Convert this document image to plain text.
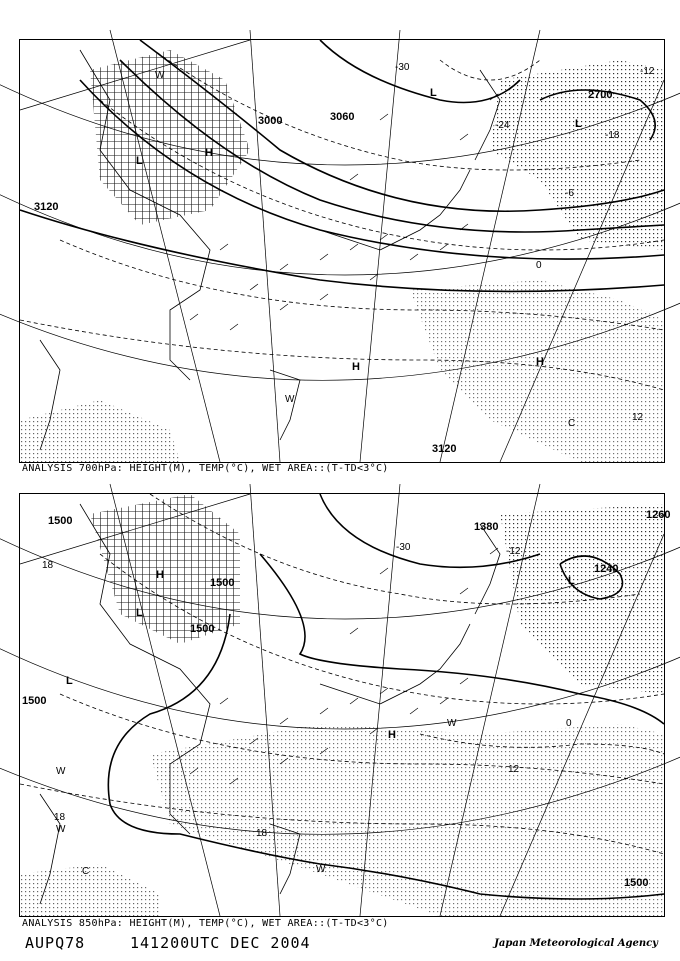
3000
3120
3120
2700
3060
-30
-24
-18
-12
0
12
-6
H
H	H
L
L
L
W
C
W
ANALYSIS 700hPa: HEIGHT(M), TEMP(°C), WET AREA::(T-TD<3°C)
1500
1500
1500
1500
1500
1260
1380
1240
18
18
18
-30	-12
12
0
H
H
L
L
L
W
W
C	W
W
ANALYSIS 850hPa: HEIGHT(M), TEMP(°C), WET AREA::(T-TD<3°C)
AUPQ78	141200UTC DEC 2004	Japan Meteorological Agency
